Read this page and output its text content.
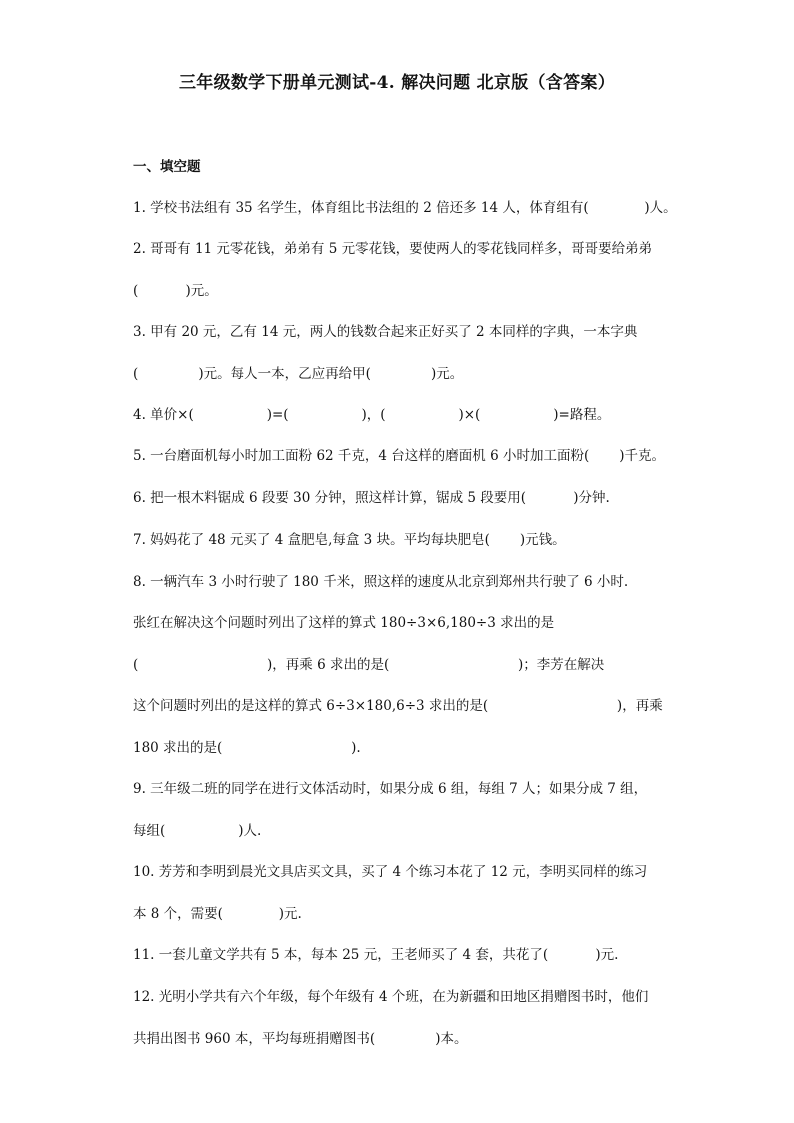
三年级数学下册单元测试-4. 解决问题 北京版（含答案）
一、填空题
1. 学校书法组有 35 名学生，体育组比书法组的 2 倍还多 14 人，体育组有(             )人。
2. 哥哥有 11 元零花钱，弟弟有 5 元零花钱，要使两人的零花钱同样多，哥哥要给弟弟
(           )元。
3. 甲有 20 元，乙有 14 元，两人的钱数合起来正好买了 2 本同样的字典，一本字典
(              )元。每人一本，乙应再给甲(              )元。
4. 单价×(                 )=(                 )，(                 )×(                 )=路程。
5. 一台磨面机每小时加工面粉 62 千克，4 台这样的磨面机 6 小时加工面粉(       )千克。
6. 把一根木料锯成 6 段要 30 分钟，照这样计算，锯成 5 段要用(           )分钟.
7. 妈妈花了 48 元买了 4 盒肥皂,每盒 3 块。平均每块肥皂(       )元钱。
8. 一辆汽车 3 小时行驶了 180 千米，照这样的速度从北京到郑州共行驶了 6 小时.
张红在解决这个问题时列出了这样的算式 180÷3×6,180÷3 求出的是
(                              )，再乘 6 求出的是(                              )；李芳在解决
这个问题时列出的是这样的算式 6÷3×180,6÷3 求出的是(                              )，再乘
180 求出的是(                              ).
9. 三年级二班的同学在进行文体活动时，如果分成 6 组，每组 7 人；如果分成 7 组，
每组(                 )人.
10. 芳芳和李明到晨光文具店买文具，买了 4 个练习本花了 12 元，李明买同样的练习
本 8 个，需要(             )元.
11. 一套儿童文学共有 5 本，每本 25 元，王老师买了 4 套，共花了(           )元.
12. 光明小学共有六个年级，每个年级有 4 个班，在为新疆和田地区捐赠图书时，他们
共捐出图书 960 本，平均每班捐赠图书(              )本。
